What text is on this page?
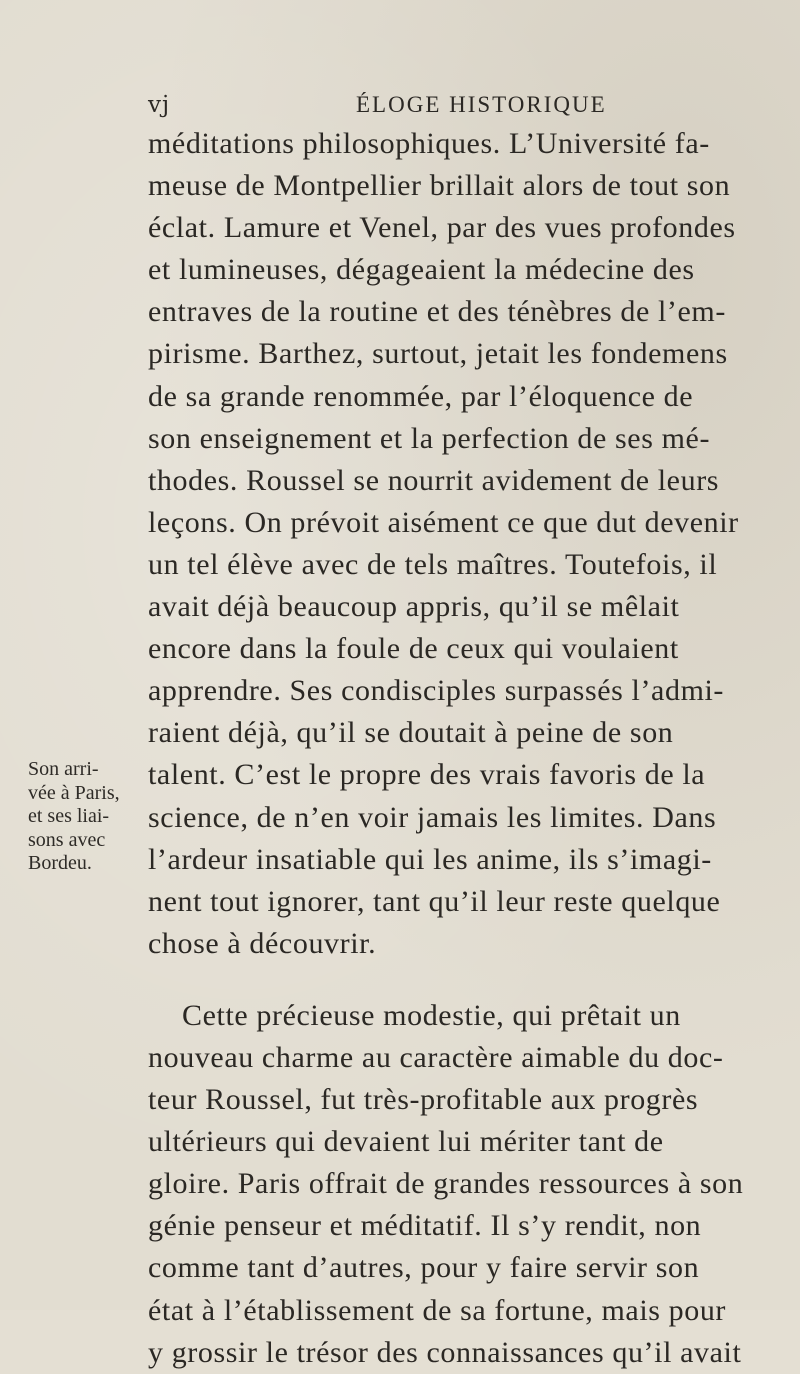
vj	ÉLOGE HISTORIQUE
méditations philosophiques. L’Université fa-
meuse de Montpellier brillait alors de tout son
éclat. Lamure et Venel, par des vues profondes
et lumineuses, dégageaient la médecine des
entraves de la routine et des ténèbres de l’em-
pirisme. Barthez, surtout, jetait les fondemens
de sa grande renommée, par l’éloquence de
son enseignement et la perfection de ses mé-
thodes. Roussel se nourrit avidement de leurs
leçons. On prévoit aisément ce que dut devenir
un tel élève avec de tels maîtres. Toutefois, il
avait déjà beaucoup appris, qu’il se mêlait
encore dans la foule de ceux qui voulaient
apprendre. Ses condisciples surpassés l’admi-
raient déjà, qu’il se doutait à peine de son
talent. C’est le propre des vrais favoris de la
science, de n’en voir jamais les limites. Dans
l’ardeur insatiable qui les anime, ils s’imagi-
nent tout ignorer, tant qu’il leur reste quelque
chose à découvrir.
Cette précieuse modestie, qui prêtait un
nouveau charme au caractère aimable du doc-
teur Roussel, fut très-profitable aux progrès
ultérieurs qui devaient lui mériter tant de
gloire. Paris offrait de grandes ressources à son
génie penseur et méditatif. Il s’y rendit, non
comme tant d’autres, pour y faire servir son
état à l’établissement de sa fortune, mais pour
y grossir le trésor des connaissances qu’il avait
Son arri-
vée à Paris,
et ses liai-
sons avec
Bordeu.
